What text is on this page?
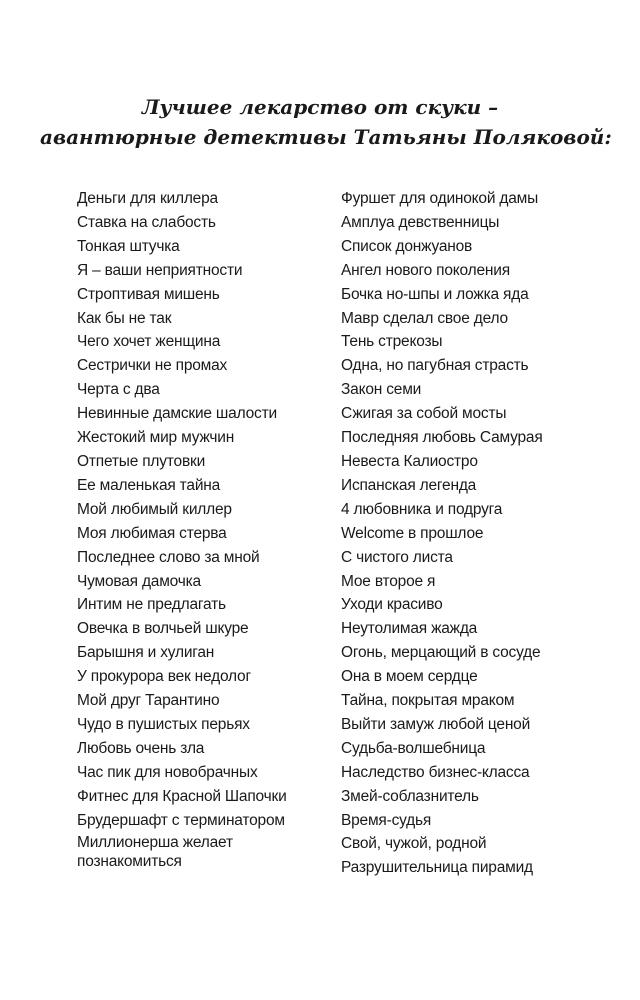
Лучшее лекарство от скуки –
авантюрные детективы Татьяны Поляковой:
Деньги для киллера
Ставка на слабость
Тонкая штучка
Я – ваши неприятности
Строптивая мишень
Как бы не так
Чего хочет женщина
Сестрички не промах
Черта с два
Невинные дамские шалости
Жестокий мир мужчин
Отпетые плутовки
Ее маленькая тайна
Мой любимый киллер
Моя любимая стерва
Последнее слово за мной
Чумовая дамочка
Интим не предлагать
Овечка в волчьей шкуре
Барышня и хулиган
У прокурора век недолог
Мой друг Тарантино
Чудо в пушистых перьях
Любовь очень зла
Час пик для новобрачных
Фитнес для Красной Шапочки
Брудершафт с терминатором
Миллионерша желает познакомиться
Фуршет для одинокой дамы
Амплуа девственницы
Список донжуанов
Ангел нового поколения
Бочка но-шпы и ложка яда
Мавр сделал свое дело
Тень стрекозы
Одна, но пагубная страсть
Закон семи
Сжигая за собой мосты
Последняя любовь Самурая
Невеста Калиостро
Испанская легенда
4 любовника и подруга
Welcome в прошлое
С чистого листа
Мое второе я
Уходи красиво
Неутолимая жажда
Огонь, мерцающий в сосуде
Она в моем сердце
Тайна, покрытая мраком
Выйти замуж любой ценой
Судьба-волшебница
Наследство бизнес-класса
Змей-соблазнитель
Время-судья
Свой, чужой, родной
Разрушительница пирамид
